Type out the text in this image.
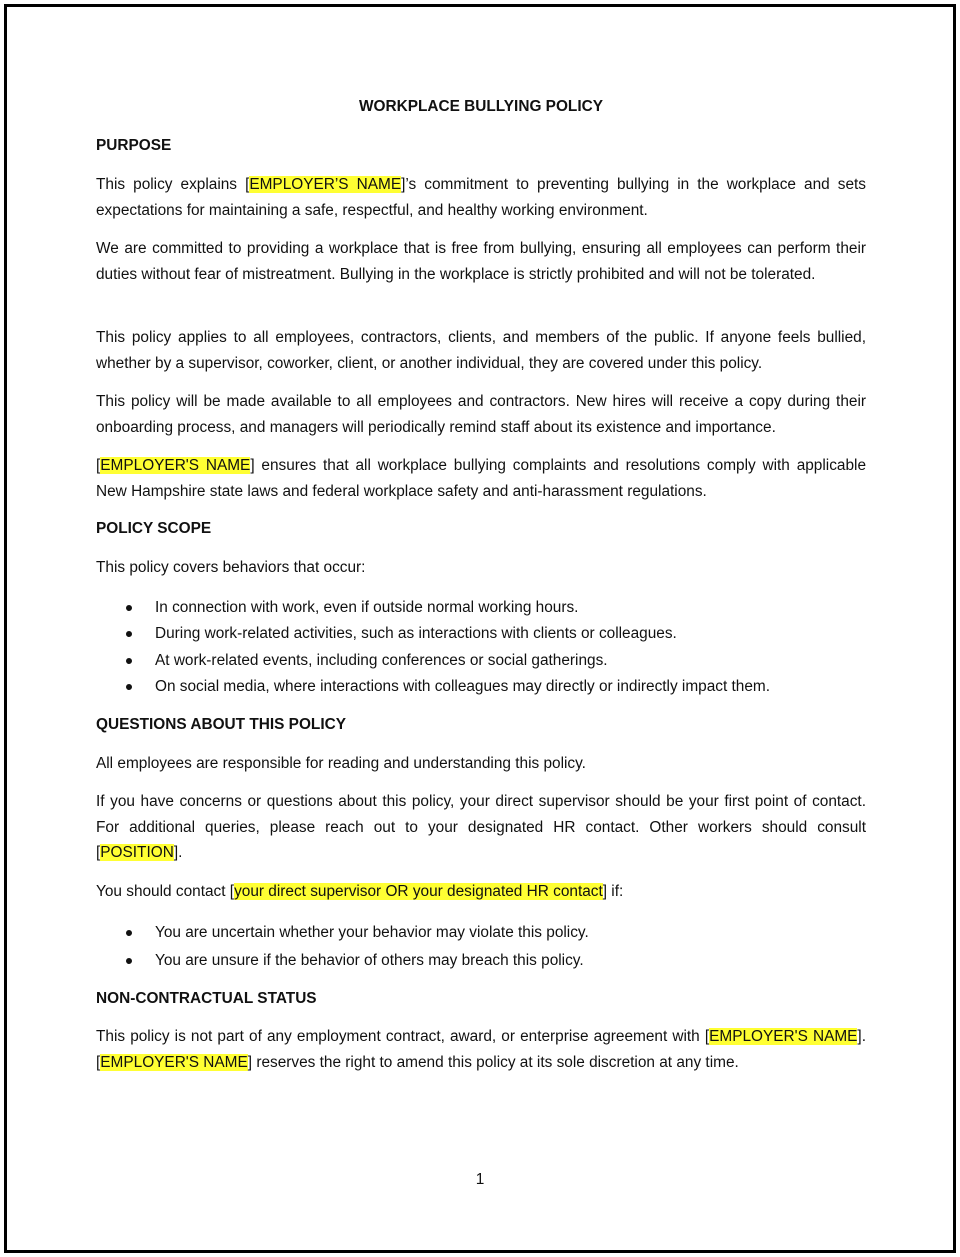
WORKPLACE BULLYING POLICY
PURPOSE

This policy explains [EMPLOYER’S NAME]’s commitment to preventing bullying in the workplace and sets expectations for maintaining a safe, respectful, and healthy working environment.

We are committed to providing a workplace that is free from bullying, ensuring all employees can perform their duties without fear of mistreatment. Bullying in the workplace is strictly prohibited and will not be tolerated.

This policy applies to all employees, contractors, clients, and members of the public. If anyone feels bullied, whether by a supervisor, coworker, client, or another individual, they are covered under this policy.

This policy will be made available to all employees and contractors. New hires will receive a copy during their onboarding process, and managers will periodically remind staff about its existence and importance.

[EMPLOYER'S NAME] ensures that all workplace bullying complaints and resolutions comply with applicable New Hampshire state laws and federal workplace safety and anti-harassment regulations.

POLICY SCOPE

This policy covers behaviors that occur:

In connection with work, even if outside normal working hours.
During work-related activities, such as interactions with clients or colleagues.
At work-related events, including conferences or social gatherings.
On social media, where interactions with colleagues may directly or indirectly impact them.
QUESTIONS ABOUT THIS POLICY

All employees are responsible for reading and understanding this policy.

If you have concerns or questions about this policy, your direct supervisor should be your first point of contact. For additional queries, please reach out to your designated HR contact. Other workers should consult [POSITION].

You should contact [your direct supervisor OR your designated HR contact] if:

You are uncertain whether your behavior may violate this policy.
You are unsure if the behavior of others may breach this policy.
NON-CONTRACTUAL STATUS

This policy is not part of any employment contract, award, or enterprise agreement with [EMPLOYER'S NAME]. [EMPLOYER'S NAME] reserves the right to amend this policy at its sole discretion at any time.

1
